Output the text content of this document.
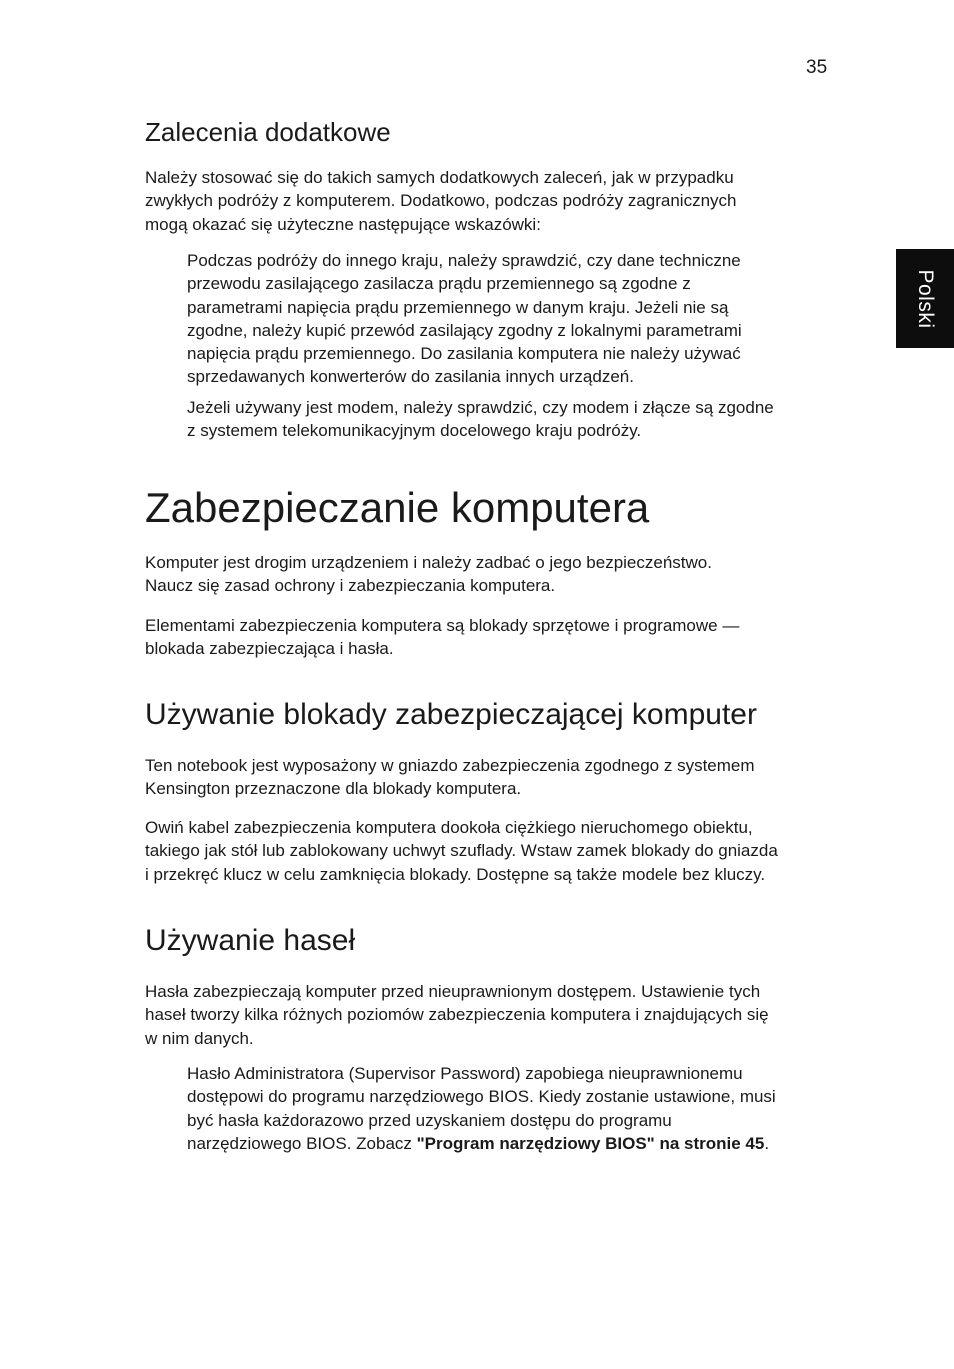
35
Polski
Zalecenia dodatkowe
Należy stosować się do takich samych dodatkowych zaleceń, jak w przypadku
zwykłych podróży z komputerem. Dodatkowo, podczas podróży zagranicznych
mogą okazać się użyteczne następujące wskazówki:
Podczas podróży do innego kraju, należy sprawdzić, czy dane techniczne
przewodu zasilającego zasilacza prądu przemiennego są zgodne z
parametrami napięcia prądu przemiennego w danym kraju. Jeżeli nie są
zgodne, należy kupić przewód zasilający zgodny z lokalnymi parametrami
napięcia prądu przemiennego. Do zasilania komputera nie należy używać
sprzedawanych konwerterów do zasilania innych urządzeń.
Jeżeli używany jest modem, należy sprawdzić, czy modem i złącze są zgodne
z systemem telekomunikacyjnym docelowego kraju podróży.
Zabezpieczanie komputera
Komputer jest drogim urządzeniem i należy zadbać o jego bezpieczeństwo.
Naucz się zasad ochrony i zabezpieczania komputera.
Elementami zabezpieczenia komputera są blokady sprzętowe i programowe —
blokada zabezpieczająca i hasła.
Używanie blokady zabezpieczającej komputer
Ten notebook jest wyposażony w gniazdo zabezpieczenia zgodnego z systemem
Kensington przeznaczone dla blokady komputera.
Owiń kabel zabezpieczenia komputera dookoła ciężkiego nieruchomego obiektu,
takiego jak stół lub zablokowany uchwyt szuflady. Wstaw zamek blokady do gniazda
i przekręć klucz w celu zamknięcia blokady. Dostępne są także modele bez kluczy.
Używanie haseł
Hasła zabezpieczają komputer przed nieuprawnionym dostępem. Ustawienie tych
haseł tworzy kilka różnych poziomów zabezpieczenia komputera i znajdujących się
w nim danych.
Hasło Administratora (Supervisor Password) zapobiega nieuprawnionemu
dostępowi do programu narzędziowego BIOS. Kiedy zostanie ustawione, musi
być hasła każdorazowo przed uzyskaniem dostępu do programu
narzędziowego BIOS. Zobacz "Program narzędziowy BIOS" na stronie 45.
